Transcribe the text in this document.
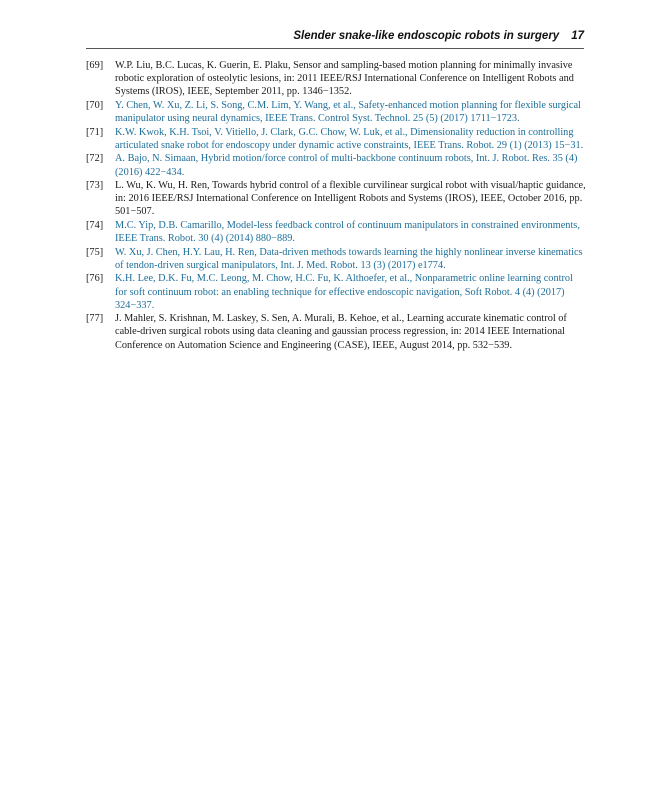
Slender snake-like endoscopic robots in surgery 17
[69]	W.P. Liu, B.C. Lucas, K. Guerin, E. Plaku, Sensor and sampling-based motion planning for minimally invasive robotic exploration of osteolytic lesions, in: 2011 IEEE/RSJ International Conference on Intelligent Robots and Systems (IROS), IEEE, September 2011, pp. 1346−1352.
[70]	Y. Chen, W. Xu, Z. Li, S. Song, C.M. Lim, Y. Wang, et al., Safety-enhanced motion planning for flexible surgical manipulator using neural dynamics, IEEE Trans. Control Syst. Technol. 25 (5) (2017) 1711−1723.
[71]	K.W. Kwok, K.H. Tsoi, V. Vitiello, J. Clark, G.C. Chow, W. Luk, et al., Dimensionality reduction in controlling articulated snake robot for endoscopy under dynamic active constraints, IEEE Trans. Robot. 29 (1) (2013) 15−31.
[72]	A. Bajo, N. Simaan, Hybrid motion/force control of multi-backbone continuum robots, Int. J. Robot. Res. 35 (4) (2016) 422−434.
[73]	L. Wu, K. Wu, H. Ren, Towards hybrid control of a flexible curvilinear surgical robot with visual/haptic guidance, in: 2016 IEEE/RSJ International Conference on Intelligent Robots and Systems (IROS), IEEE, October 2016, pp. 501−507.
[74]	M.C. Yip, D.B. Camarillo, Model-less feedback control of continuum manipulators in constrained environments, IEEE Trans. Robot. 30 (4) (2014) 880−889.
[75]	W. Xu, J. Chen, H.Y. Lau, H. Ren, Data-driven methods towards learning the highly nonlinear inverse kinematics of tendon-driven surgical manipulators, Int. J. Med. Robot. 13 (3) (2017) e1774.
[76]	K.H. Lee, D.K. Fu, M.C. Leong, M. Chow, H.C. Fu, K. Althoefer, et al., Nonparametric online learning control for soft continuum robot: an enabling technique for effective endoscopic navigation, Soft Robot. 4 (4) (2017) 324−337.
[77]	J. Mahler, S. Krishnan, M. Laskey, S. Sen, A. Murali, B. Kehoe, et al., Learning accurate kinematic control of cable-driven surgical robots using data cleaning and gaussian process regression, in: 2014 IEEE International Conference on Automation Science and Engineering (CASE), IEEE, August 2014, pp. 532−539.
